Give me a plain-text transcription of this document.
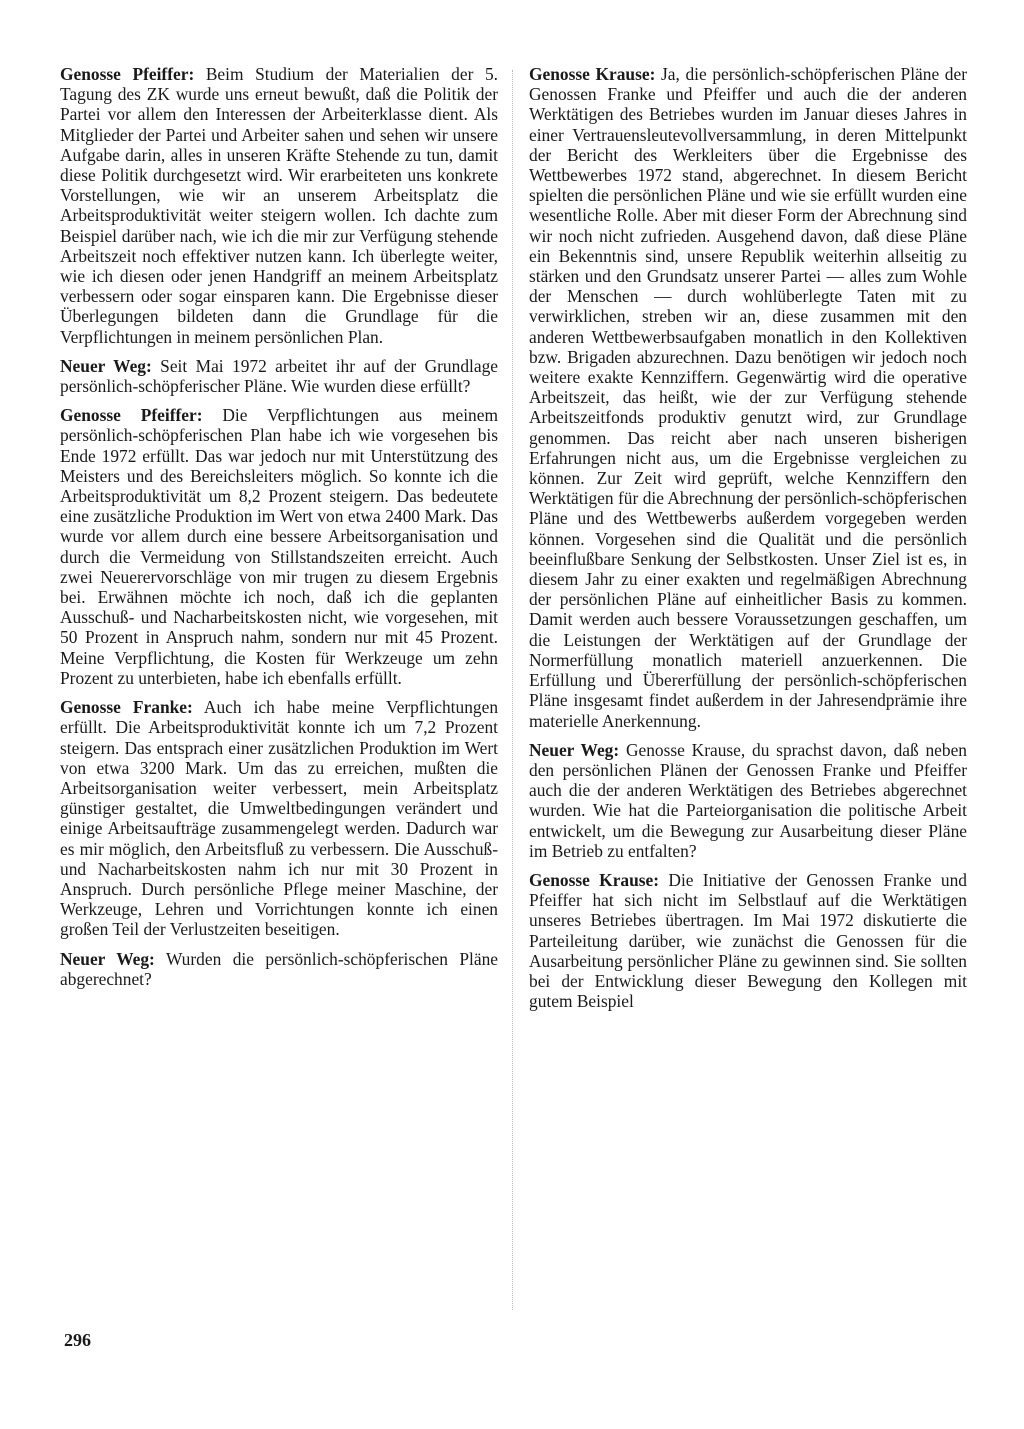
Genosse Pfeiffer: Beim Studium der Materialien der 5. Tagung des ZK wurde uns erneut bewußt, daß die Politik der Partei vor allem den Interessen der Arbeiterklasse dient. Als Mitglieder der Partei und Arbeiter sahen und sehen wir unsere Aufgabe darin, alles in unseren Kräfte Stehende zu tun, damit diese Politik durchgesetzt wird. Wir erarbeiteten uns konkrete Vorstellungen, wie wir an unserem Arbeitsplatz die Arbeitsproduktivität weiter steigern wollen. Ich dachte zum Beispiel darüber nach, wie ich die mir zur Verfügung stehende Arbeitszeit noch effektiver nutzen kann. Ich überlegte weiter, wie ich diesen oder jenen Handgriff an meinem Arbeitsplatz verbessern oder sogar einsparen kann. Die Ergebnisse dieser Überlegungen bildeten dann die Grundlage für die Verpflichtungen in meinem persönlichen Plan.

Neuer Weg: Seit Mai 1972 arbeitet ihr auf der Grundlage persönlich-schöpferischer Pläne. Wie wurden diese erfüllt?

Genosse Pfeiffer: Die Verpflichtungen aus meinem persönlich-schöpferischen Plan habe ich wie vorgesehen bis Ende 1972 erfüllt. Das war jedoch nur mit Unterstützung des Meisters und des Bereichsleiters möglich. So konnte ich die Arbeitsproduktivität um 8,2 Prozent steigern. Das bedeutete eine zusätzliche Produktion im Wert von etwa 2400 Mark. Das wurde vor allem durch eine bessere Arbeitsorganisation und durch die Vermeidung von Stillstandszeiten erreicht. Auch zwei Neuerervorschläge von mir trugen zu diesem Ergebnis bei. Erwähnen möchte ich noch, daß ich die geplanten Ausschuß- und Nacharbeitskosten nicht, wie vorgesehen, mit 50 Prozent in Anspruch nahm, sondern nur mit 45 Prozent. Meine Verpflichtung, die Kosten für Werkzeuge um zehn Prozent zu unterbieten, habe ich ebenfalls erfüllt.

Genosse Franke: Auch ich habe meine Verpflichtungen erfüllt. Die Arbeitsproduktivität konnte ich um 7,2 Prozent steigern. Das entsprach einer zusätzlichen Produktion im Wert von etwa 3200 Mark. Um das zu erreichen, mußten die Arbeitsorganisation weiter verbessert, mein Arbeitsplatz günstiger gestaltet, die Umweltbedingungen verändert und einige Arbeitsaufträge zusammengelegt werden. Dadurch war es mir möglich, den Arbeitsfluß zu verbessern. Die Ausschuß- und Nacharbeitskosten nahm ich nur mit 30 Prozent in Anspruch. Durch persönliche Pflege meiner Maschine, der Werkzeuge, Lehren und Vorrichtungen konnte ich einen großen Teil der Verlustzeiten beseitigen.

Neuer Weg: Wurden die persönlich-schöpferischen Pläne abgerechnet?

Genosse Krause: Ja, die persönlich-schöpferischen Pläne der Genossen Franke und Pfeiffer und auch die der anderen Werktätigen des Betriebes wurden im Januar dieses Jahres in einer Vertrauensleutevollversammlung, in deren Mittelpunkt der Bericht des Werkleiters über die Ergebnisse des Wettbewerbes 1972 stand, abgerechnet. In diesem Bericht spielten die persönlichen Pläne und wie sie erfüllt wurden eine wesentliche Rolle. Aber mit dieser Form der Abrechnung sind wir noch nicht zufrieden. Ausgehend davon, daß diese Pläne ein Bekenntnis sind, unsere Republik weiterhin allseitig zu stärken und den Grundsatz unserer Partei — alles zum Wohle der Menschen — durch wohlüberlegte Taten mit zu verwirklichen, streben wir an, diese zusammen mit den anderen Wettbewerbsaufgaben monatlich in den Kollektiven bzw. Brigaden abzurechnen. Dazu benötigen wir jedoch noch weitere exakte Kennziffern. Gegenwärtig wird die operative Arbeitszeit, das heißt, wie der zur Verfügung stehende Arbeitszeitfonds produktiv genutzt wird, zur Grundlage genommen. Das reicht aber nach unseren bisherigen Erfahrungen nicht aus, um die Ergebnisse vergleichen zu können. Zur Zeit wird geprüft, welche Kennziffern den Werktätigen für die Abrechnung der persönlich-schöpferischen Pläne und des Wettbewerbs außerdem vorgegeben werden können. Vorgesehen sind die Qualität und die persönlich beeinflußbare Senkung der Selbstkosten. Unser Ziel ist es, in diesem Jahr zu einer exakten und regelmäßigen Abrechnung der persönlichen Pläne auf einheitlicher Basis zu kommen. Damit werden auch bessere Voraussetzungen geschaffen, um die Leistungen der Werktätigen auf der Grundlage der Normerfüllung monatlich materiell anzuerkennen. Die Erfüllung und Übererfüllung der persönlich-schöpferischen Pläne insgesamt findet außerdem in der Jahresendprämie ihre materielle Anerkennung.

Neuer Weg: Genosse Krause, du sprachst davon, daß neben den persönlichen Plänen der Genossen Franke und Pfeiffer auch die der anderen Werktätigen des Betriebes abgerechnet wurden. Wie hat die Parteiorganisation die politische Arbeit entwickelt, um die Bewegung zur Ausarbeitung dieser Pläne im Betrieb zu entfalten?

Genosse Krause: Die Initiative der Genossen Franke und Pfeiffer hat sich nicht im Selbstlauf auf die Werktätigen unseres Betriebes übertragen. Im Mai 1972 diskutierte die Parteileitung darüber, wie zunächst die Genossen für die Ausarbeitung persönlicher Pläne zu gewinnen sind. Sie sollten bei der Entwicklung dieser Bewegung den Kollegen mit gutem Beispiel

296
